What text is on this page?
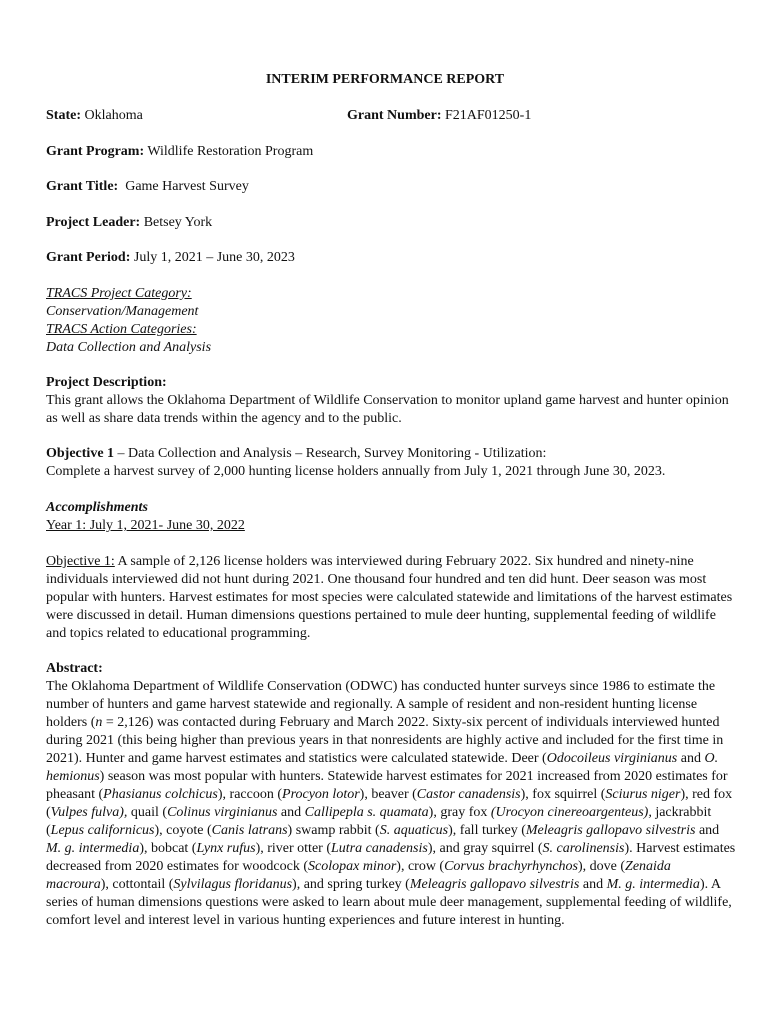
INTERIM PERFORMANCE REPORT
State: Oklahoma	Grant Number: F21AF01250-1
Grant Program: Wildlife Restoration Program
Grant Title:  Game Harvest Survey
Project Leader: Betsey York
Grant Period: July 1, 2021 – June 30, 2023
TRACS Project Category:
Conservation/Management
TRACS Action Categories:
Data Collection and Analysis
Project Description:

This grant allows the Oklahoma Department of Wildlife Conservation to monitor upland game harvest and hunter opinion as well as share data trends within the agency and to the public.

Objective 1 – Data Collection and Analysis – Research, Survey Monitoring - Utilization:
Complete a harvest survey of 2,000 hunting license holders annually from July 1, 2021 through June 30, 2023.
Accomplishments
Year 1: July 1, 2021- June 30, 2022

Objective 1: A sample of 2,126 license holders was interviewed during February 2022. Six hundred and ninety-nine individuals interviewed did not hunt during 2021. One thousand four hundred and ten did hunt. Deer season was most popular with hunters. Harvest estimates for most species were calculated statewide and limitations of the harvest estimates were discussed in detail. Human dimensions questions pertained to mule deer hunting, supplemental feeding of wildlife and topics related to educational programming.

Abstract:

The Oklahoma Department of Wildlife Conservation (ODWC) has conducted hunter surveys since 1986 to estimate the number of hunters and game harvest statewide and regionally. A sample of resident and non-resident hunting license holders (n = 2,126) was contacted during February and March 2022. Sixty-six percent of individuals interviewed hunted during 2021 (this being higher than previous years in that nonresidents are highly active and included for the first time in 2021). Hunter and game harvest estimates and statistics were calculated statewide. Deer (Odocoileus virginianus and O. hemionus) season was most popular with hunters. Statewide harvest estimates for 2021 increased from 2020 estimates for pheasant (Phasianus colchicus), raccoon (Procyon lotor), beaver (Castor canadensis), fox squirrel (Sciurus niger), red fox (Vulpes fulva), quail (Colinus virginianus and Callipepla s. quamata), gray fox (Urocyon cinereoargenteus), jackrabbit (Lepus californicus), coyote (Canis latrans) swamp rabbit (S. aquaticus), fall turkey (Meleagris gallopavo silvestris and M. g. intermedia), bobcat (Lynx rufus), river otter (Lutra canadensis), and gray squirrel (S. carolinensis). Harvest estimates decreased from 2020 estimates for woodcock (Scolopax minor), crow (Corvus brachyrhynchos), dove (Zenaida macroura), cottontail (Sylvilagus floridanus), and spring turkey (Meleagris gallopavo silvestris and M. g. intermedia). A series of human dimensions questions were asked to learn about mule deer management, supplemental feeding of wildlife, comfort level and interest level in various hunting experiences and future interest in hunting.
